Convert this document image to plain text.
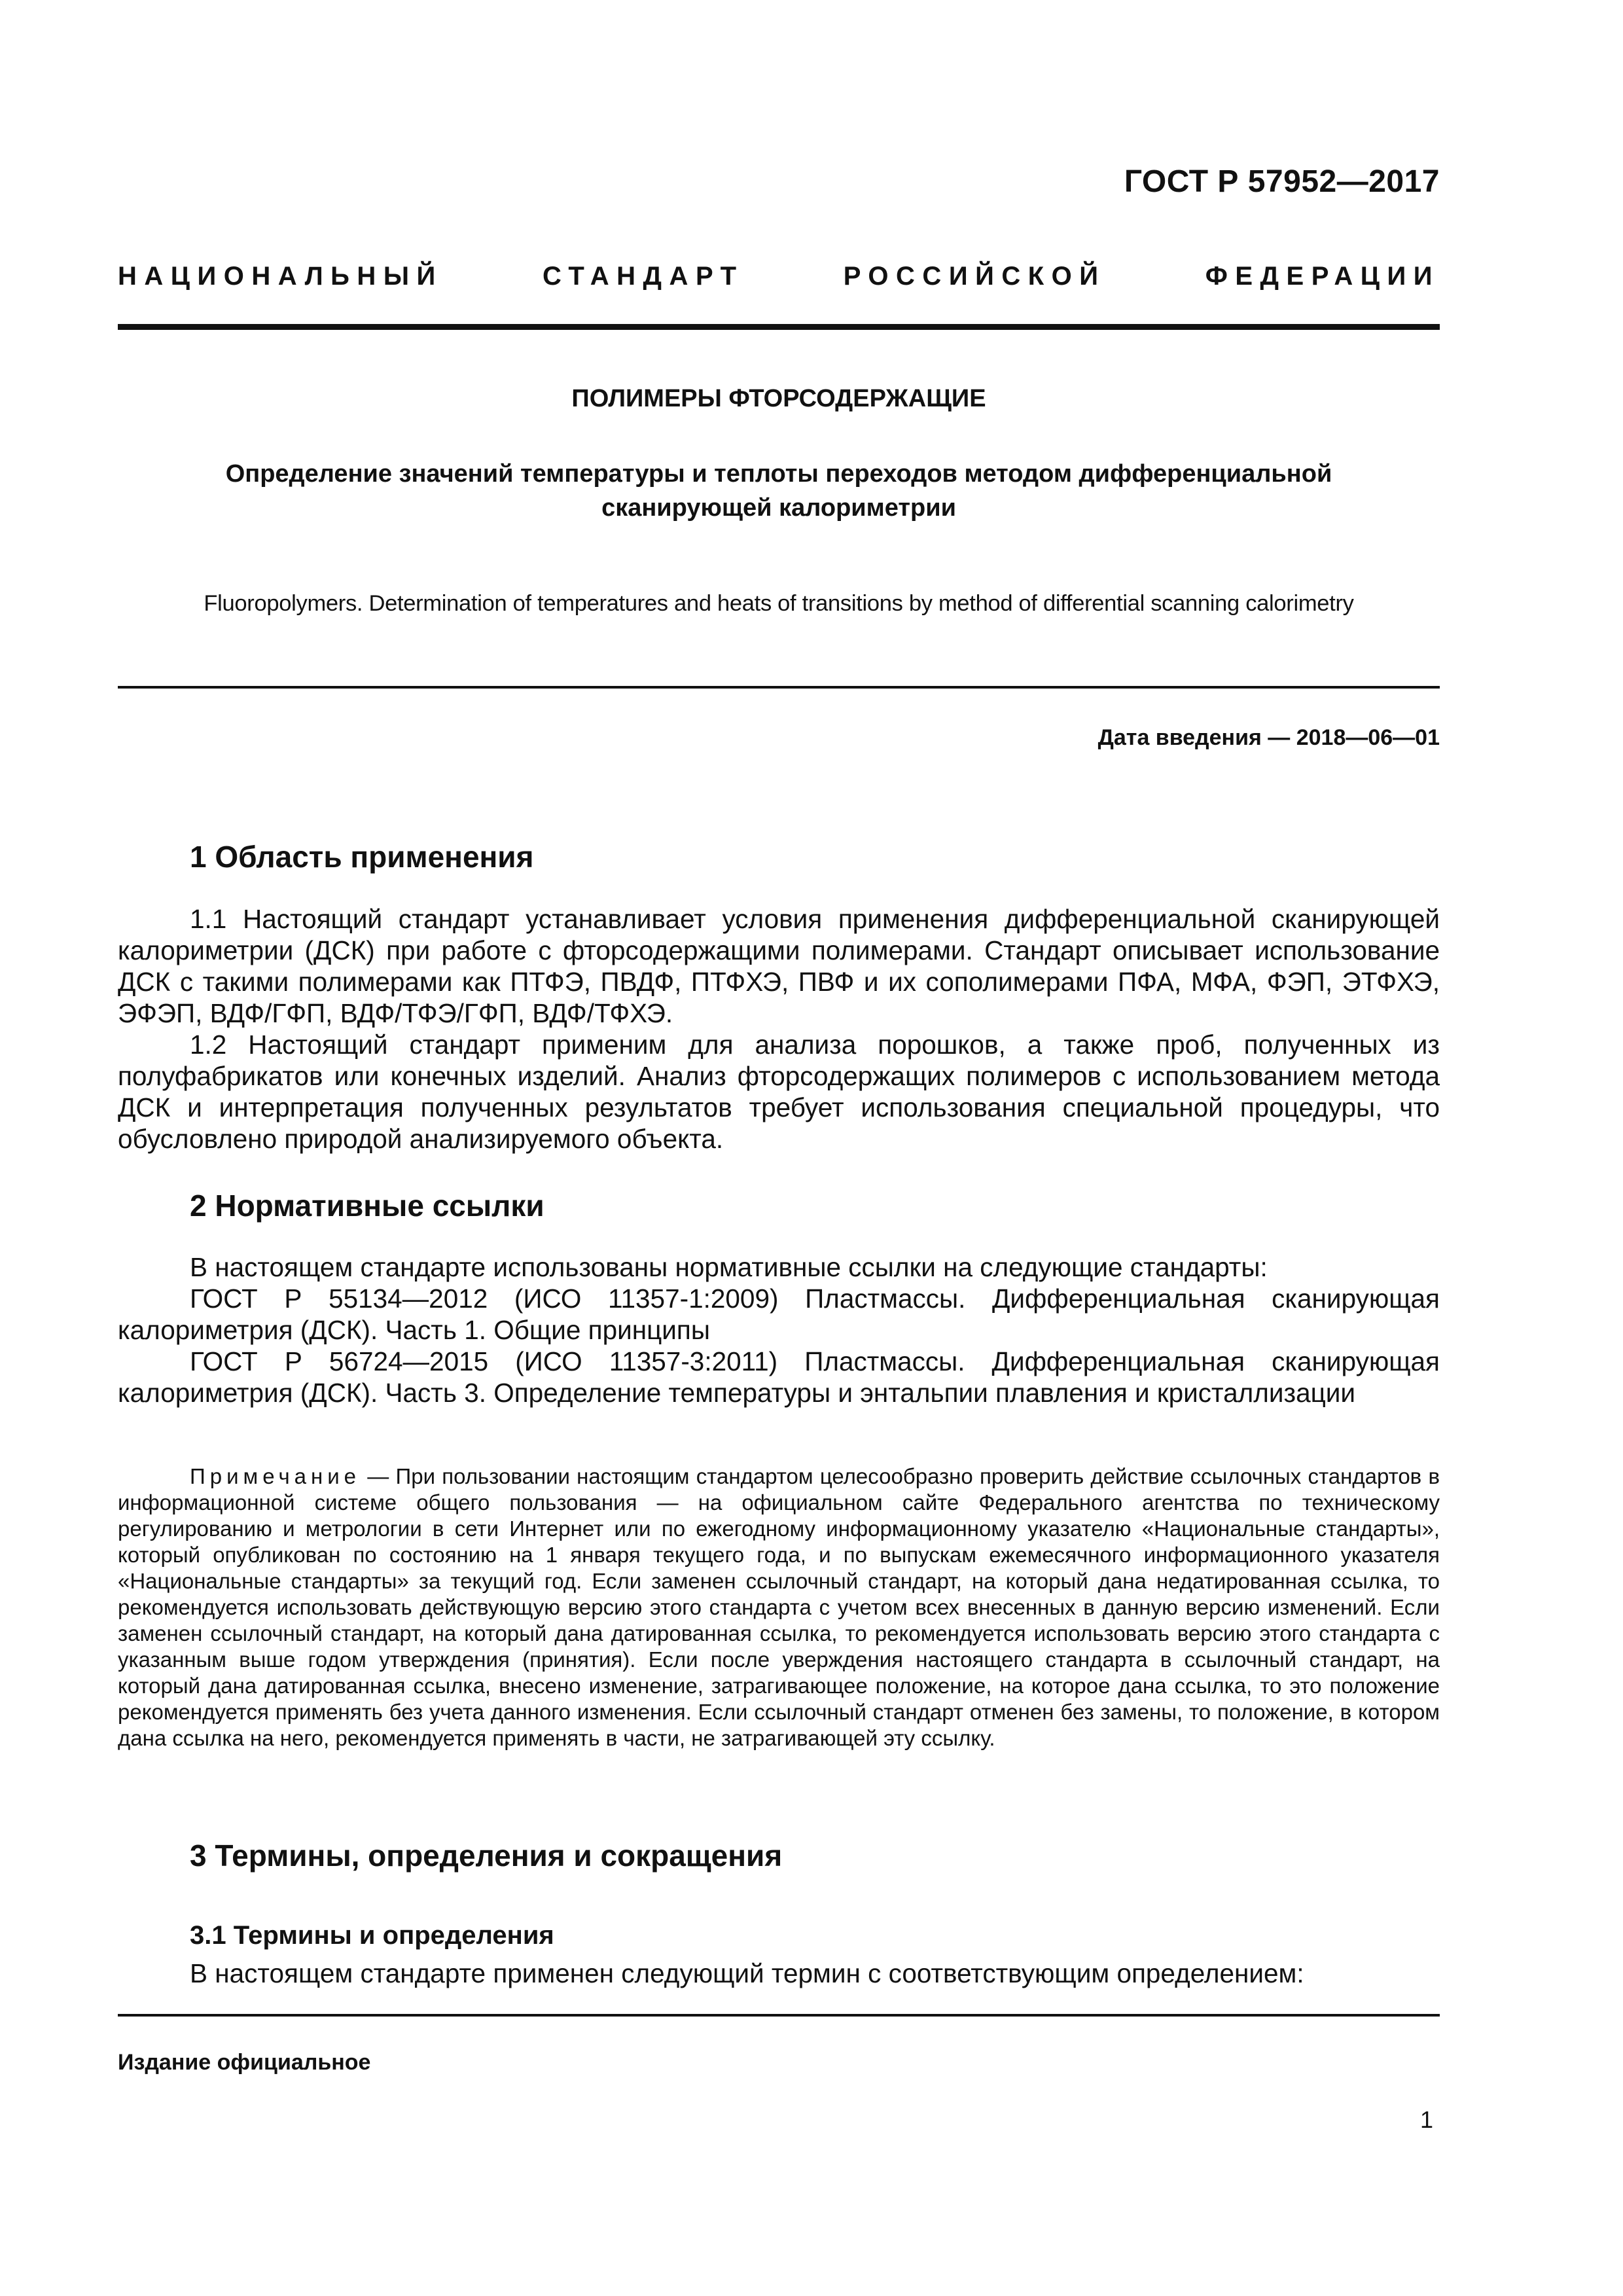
ГОСТ Р 57952—2017
НАЦИОНАЛЬНЫЙ СТАНДАРТ РОССИЙСКОЙ ФЕДЕРАЦИИ
ПОЛИМЕРЫ ФТОРСОДЕРЖАЩИЕ
Определение значений температуры и теплоты переходов методом дифференциальной
сканирующей калориметрии
Fluoropolymers. Determination of temperatures and heats of transitions by method of differential scanning calorimetry
Дата введения — 2018—06—01
1 Область применения

1.1 Настоящий стандарт устанавливает условия применения дифференциальной сканирующей калориметрии (ДСК) при работе с фторсодержащими полимерами. Стандарт описывает использование ДСК с такими полимерами как ПТФЭ, ПВДФ, ПТФХЭ, ПВФ и их сополимерами ПФА, МФА, ФЭП, ЭТФХЭ, ЭФЭП, ВДФ/ГФП, ВДФ/ТФЭ/ГФП, ВДФ/ТФХЭ.

1.2 Настоящий стандарт применим для анализа порошков, а также проб, полученных из полуфабрикатов или конечных изделий. Анализ фторсодержащих полимеров с использованием метода ДСК и интерпретация полученных результатов требует использования специальной процедуры, что обусловлено природой анализируемого объекта.

2 Нормативные ссылки

В настоящем стандарте использованы нормативные ссылки на следующие стандарты:

ГОСТ Р 55134—2012 (ИСО 11357-1:2009) Пластмассы. Дифференциальная сканирующая калориметрия (ДСК). Часть 1. Общие принципы

ГОСТ Р 56724—2015 (ИСО 11357-3:2011) Пластмассы. Дифференциальная сканирующая калориметрия (ДСК). Часть 3. Определение температуры и энтальпии плавления и кристаллизации

Примечание — При пользовании настоящим стандартом целесообразно проверить действие ссылочных стандартов в информационной системе общего пользования — на официальном сайте Федерального агентства по техническому регулированию и метрологии в сети Интернет или по ежегодному информационному указателю «Национальные стандарты», который опубликован по состоянию на 1 января текущего года, и по выпускам ежемесячного информационного указателя «Национальные стандарты» за текущий год. Если заменен ссылочный стандарт, на который дана недатированная ссылка, то рекомендуется использовать действующую версию этого стандарта с учетом всех внесенных в данную версию изменений. Если заменен ссылочный стандарт, на который дана датированная ссылка, то рекомендуется использовать версию этого стандарта с указанным выше годом утверждения (принятия). Если после уверждения настоящего стандарта в ссылочный стандарт, на который дана датированная ссылка, внесено изменение, затрагивающее положение, на которое дана ссылка, то это положение рекомендуется применять без учета данного изменения. Если ссылочный стандарт отменен без замены, то положение, в котором дана ссылка на него, рекомендуется применять в части, не затрагивающей эту ссылку.
3 Термины, определения и сокращения
3.1 Термины и определения

В настоящем стандарте применен следующий термин с соответствующим определением:

Издание официальное
1
